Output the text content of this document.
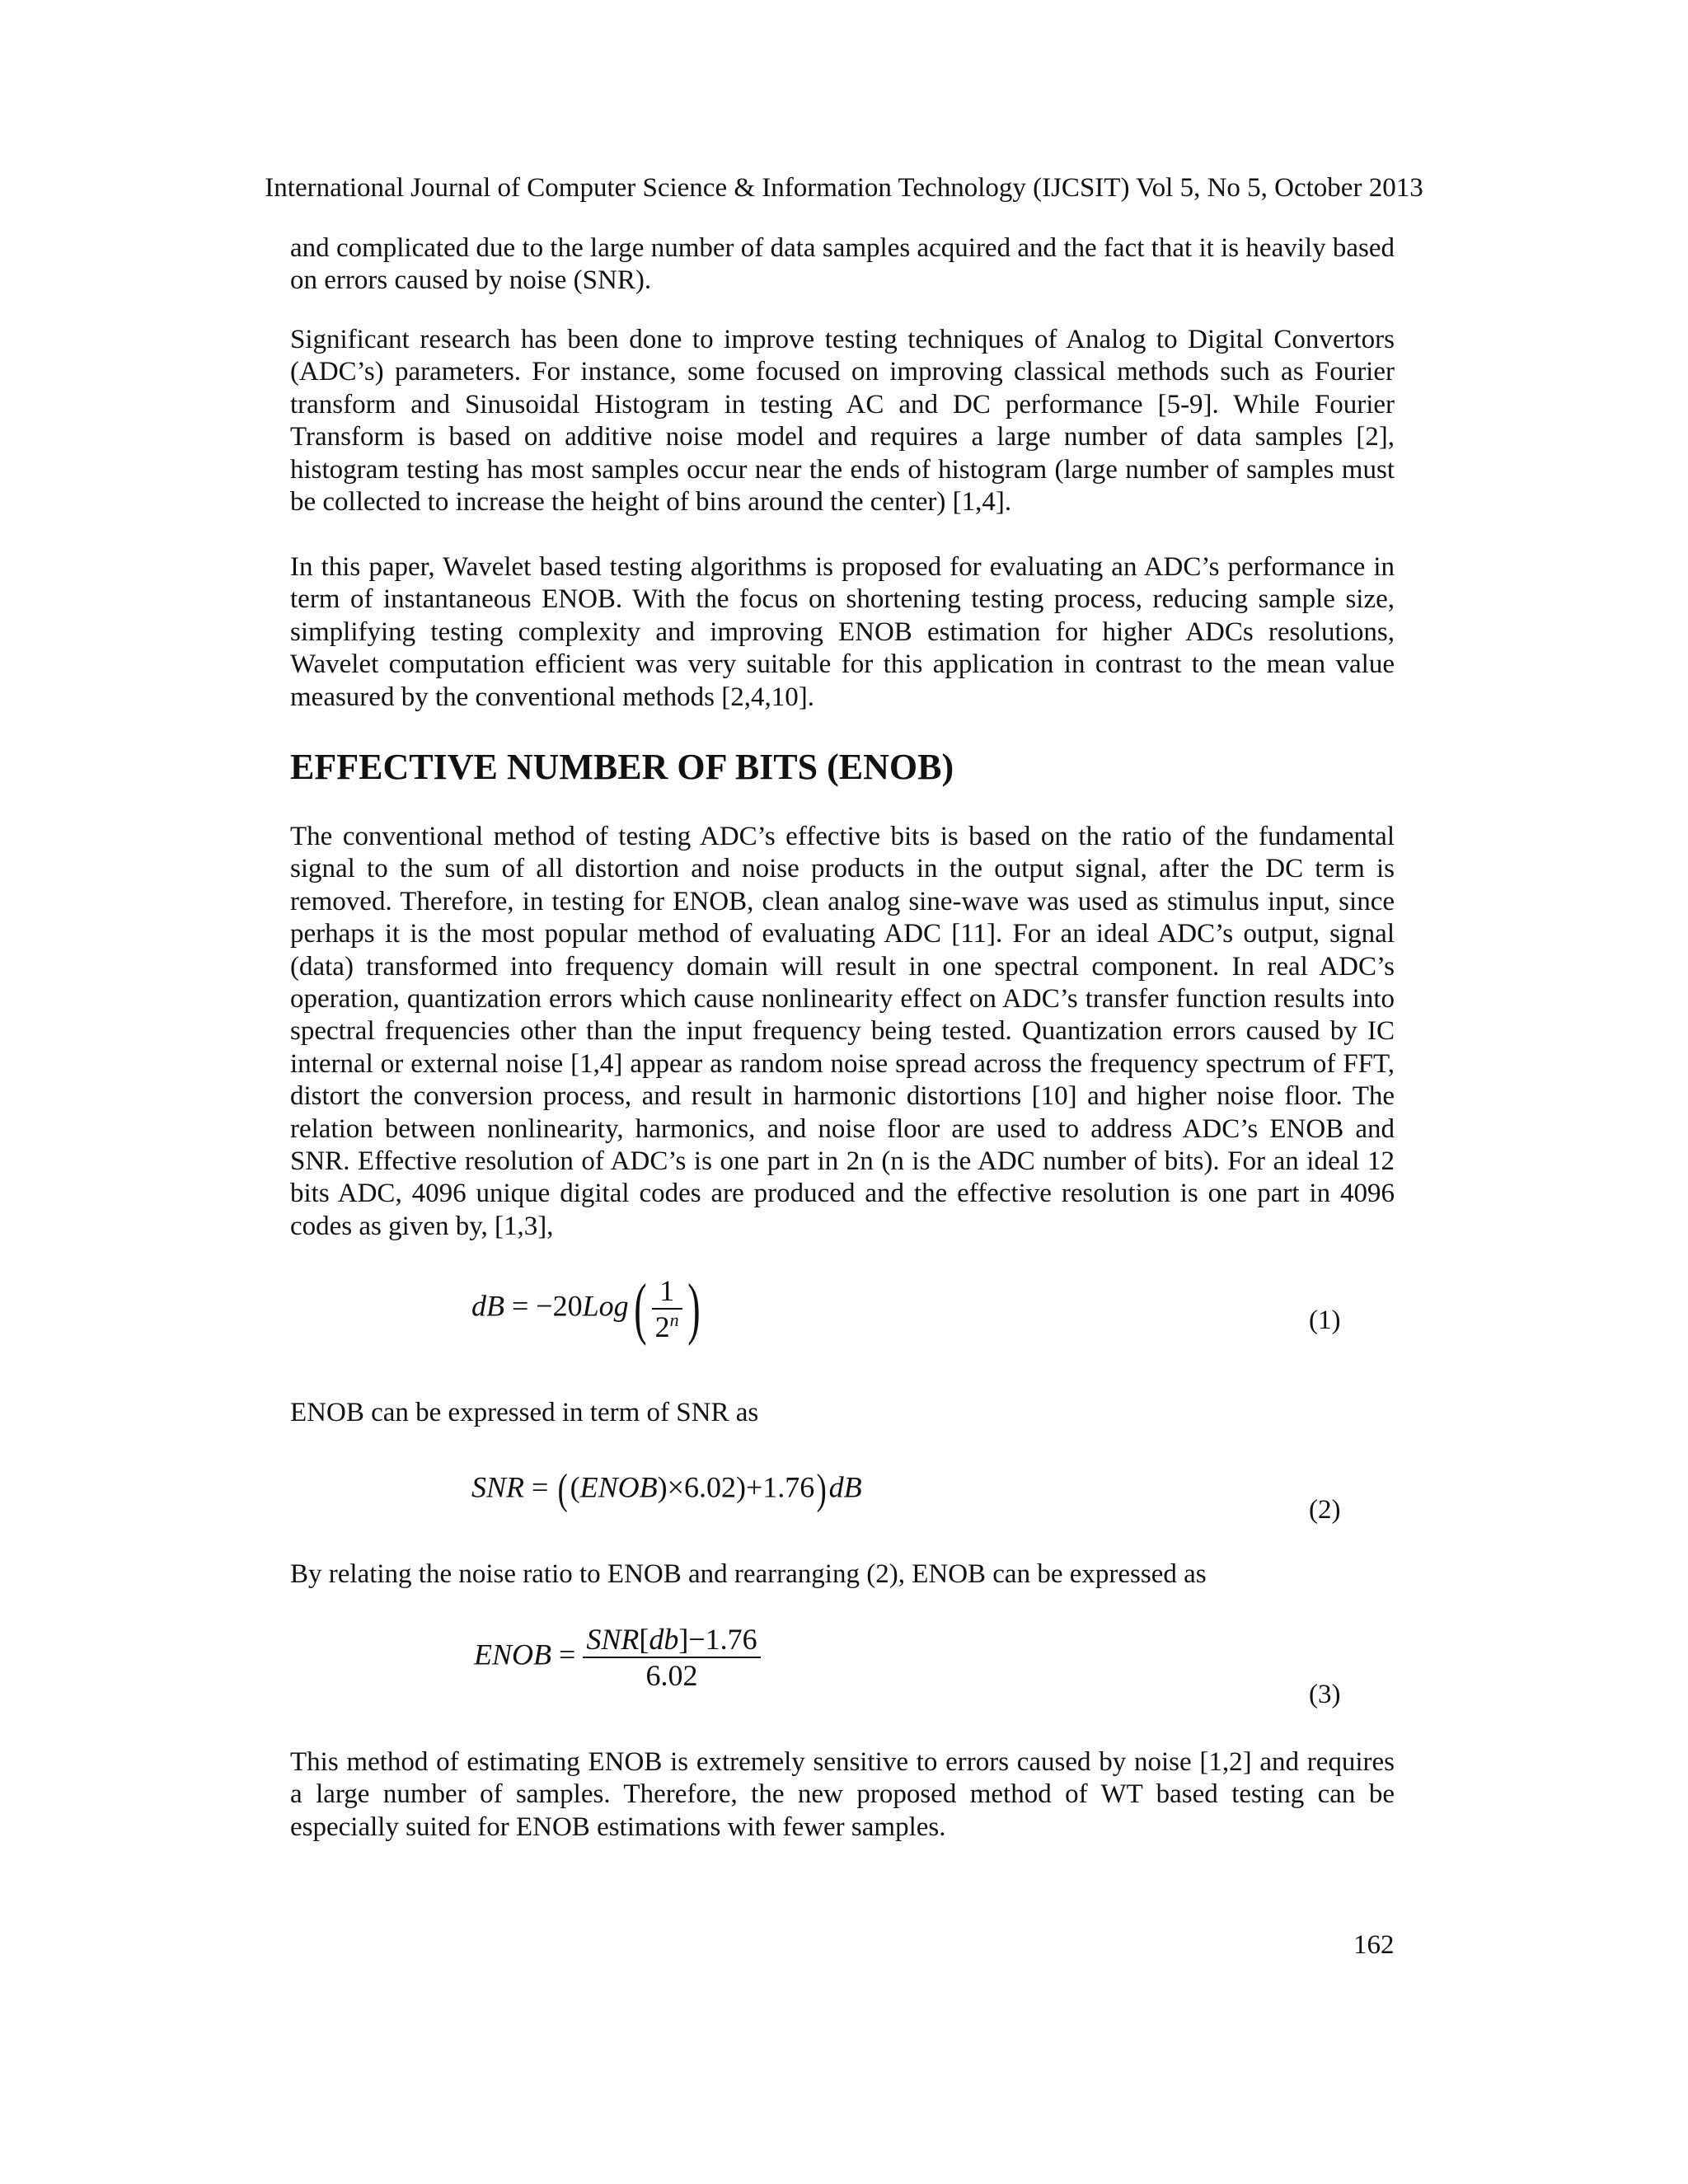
International Journal of Computer Science & Information Technology (IJCSIT) Vol 5, No 5, October 2013

and complicated due to the large number of data samples acquired and the fact that it is heavily based on errors caused by noise (SNR).

Significant research has been done to improve testing techniques of Analog to Digital Convertors (ADC’s) parameters. For instance, some focused on improving classical methods such as Fourier transform and Sinusoidal Histogram in testing AC and DC performance [5-9]. While Fourier Transform is based on additive noise model and requires a large number of data samples [2], histogram testing has most samples occur near the ends of histogram (large number of samples must be collected to increase the height of bins around the center) [1,4].

In this paper, Wavelet based testing algorithms is proposed for evaluating an ADC’s performance in term of instantaneous ENOB. With the focus on shortening testing process, reducing sample size, simplifying testing complexity and improving ENOB estimation for higher ADCs resolutions, Wavelet computation efficient was very suitable for this application in contrast to the mean value measured by the conventional methods [2,4,10].

EFFECTIVE NUMBER OF BITS (ENOB)

The conventional method of testing ADC’s effective bits is based on the ratio of the fundamental signal to the sum of all distortion and noise products in the output signal, after the DC term is removed. Therefore, in testing for ENOB, clean analog sine-wave was used as stimulus input, since perhaps it is the most popular method of evaluating ADC [11]. For an ideal ADC’s output, signal (data) transformed into frequency domain will result in one spectral component. In real ADC’s operation, quantization errors which cause nonlinearity effect on ADC’s transfer function results into spectral frequencies other than the input frequency being tested. Quantization errors caused by IC internal or external noise [1,4] appear as random noise spread across the frequency spectrum of FFT, distort the conversion process, and result in harmonic distortions [10] and higher noise floor. The relation between nonlinearity, harmonics, and noise floor are used to address ADC’s ENOB and SNR. Effective resolution of ADC’s is one part in 2n (n is the ADC number of bits). For an ideal 12 bits ADC, 4096 unique digital codes are produced and the effective resolution is one part in 4096 codes as given by, [1,3],

dB = $-20Log( \frac{1}{2^n}$ )	(1)

ENOB can be expressed in term of SNR as

SNR = ((ENOB)×6.02)+1.76)dB
(2)

By relating the noise ratio to ENOB and rearranging (2), ENOB can be expressed as

ENOB = $\frac{\text{SNR[db]−1.76}}{6.02}$
(3)

This method of estimating ENOB is extremely sensitive to errors caused by noise [1,2] and requires a large number of samples. Therefore, the new proposed method of WT based testing can be especially suited for ENOB estimations with fewer samples.

162
